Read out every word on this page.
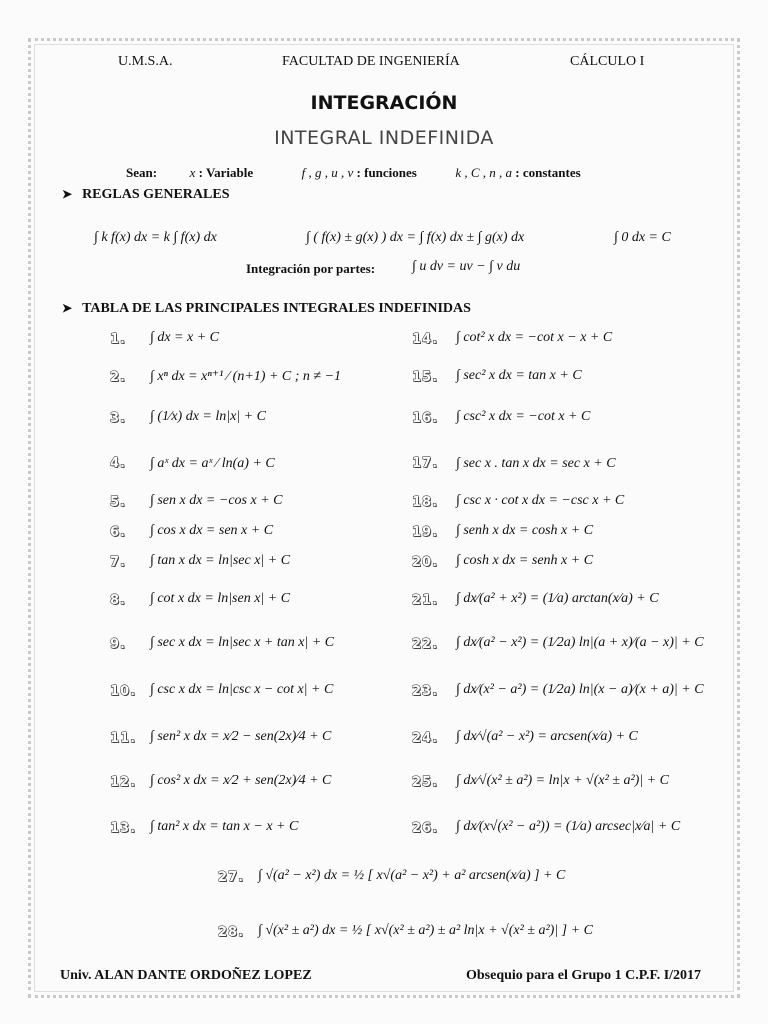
U.M.S.A.	FACULTAD DE INGENIERÍA	CÁLCULO I
INTEGRACIÓN
INTEGRAL INDEFINIDA
Sean:	x : Variable	f , g , u , v : funciones	k , C , n , a : constantes
➤ REGLAS GENERALES
∫ k f(x) dx = k ∫ f(x) dx	∫ ( f(x) ± g(x) ) dx = ∫ f(x) dx ± ∫ g(x) dx	∫ 0 dx = C
Integración por partes:	∫ u dv = uv − ∫ v du
➤ TABLA DE LAS PRINCIPALES INTEGRALES INDEFINIDAS
1. ∫ dx = x + C
2. ∫ xⁿ dx = xⁿ⁺¹ ⁄ (n+1) + C ; n ≠ −1
3. ∫ (1⁄x) dx = ln|x| + C
4. ∫ aˣ dx = aˣ ⁄ ln(a) + C
5. ∫ sen x dx = −cos x + C
6. ∫ cos x dx = sen x + C
7. ∫ tan x dx = ln|sec x| + C
8. ∫ cot x dx = ln|sen x| + C
9. ∫ sec x dx = ln|sec x + tan x| + C
10. ∫ csc x dx = ln|csc x − cot x| + C
11. ∫ sen² x dx = x⁄2 − sen(2x)⁄4 + C
12. ∫ cos² x dx = x⁄2 + sen(2x)⁄4 + C
13. ∫ tan² x dx = tan x − x + C
14. ∫ cot² x dx = −cot x − x + C
15. ∫ sec² x dx = tan x + C
16. ∫ csc² x dx = −cot x + C
17. ∫ sec x . tan x dx = sec x + C
18. ∫ csc x · cot x dx = −csc x + C
19. ∫ senh x dx = cosh x + C
20. ∫ cosh x dx = senh x + C
21. ∫ dx⁄(a² + x²) = (1⁄a) arctan(x⁄a) + C
22. ∫ dx⁄(a² − x²) = (1⁄2a) ln|(a + x)⁄(a − x)| + C
23. ∫ dx⁄(x² − a²) = (1⁄2a) ln|(x − a)⁄(x + a)| + C
24. ∫ dx⁄√(a² − x²) = arcsen(x⁄a) + C
25. ∫ dx⁄√(x² ± a²) = ln|x + √(x² ± a²)| + C
26. ∫ dx⁄(x√(x² − a²)) = (1⁄a) arcsec|x⁄a| + C
27. ∫ √(a² − x²) dx = ½ [ x√(a² − x²) + a² arcsen(x⁄a) ] + C
28. ∫ √(x² ± a²) dx = ½ [ x√(x² ± a²) ± a² ln|x + √(x² ± a²)| ] + C
Univ. ALAN DANTE ORDOÑEZ LOPEZ	Obsequio para el Grupo 1 C.P.F. I/2017
